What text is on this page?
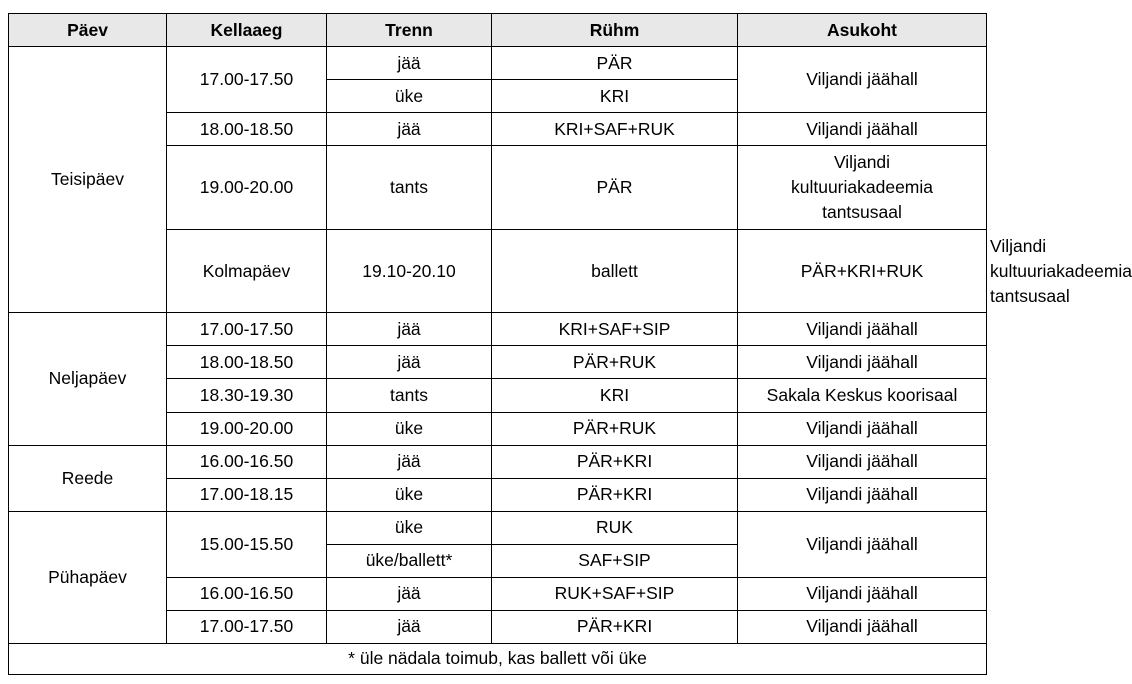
Päev	Kellaaeg	Trenn	Rühm	Asukoht	
Teisipäev	17.00-17.50	jää	PÄR	Viljandi jäähall	
		üke	KRI		
	18.00-18.50	jää	KRI+SAF+RUK	Viljandi jäähall	
	19.00-20.00	tants	PÄR	Viljandi
kultuuriakadeemia
tantsusaal	

	Kolmapäev	19.10-20.10	ballett	PÄR+KRI+RUK	Viljandi
kultuuriakadeemia
tantsusaal

Neljapäev	17.00-17.50	jää	KRI+SAF+SIP	Viljandi jäähall	
	18.00-18.50	jää	PÄR+RUK	Viljandi jäähall	
	18.30-19.30	tants	KRI	Sakala Keskus koorisaal	
	19.00-20.00	üke	PÄR+RUK	Viljandi jäähall	
Reede	16.00-16.50	jää	PÄR+KRI	Viljandi jäähall	
	17.00-18.15	üke	PÄR+KRI	Viljandi jäähall	
Pühapäev	15.00-15.50	üke	RUK	Viljandi jäähall	
		üke/ballett*	SAF+SIP		
	16.00-16.50	jää	RUK+SAF+SIP	Viljandi jäähall	
	17.00-17.50	jää	PÄR+KRI	Viljandi jäähall	
* üle nädala toimub, kas ballett või üke					
